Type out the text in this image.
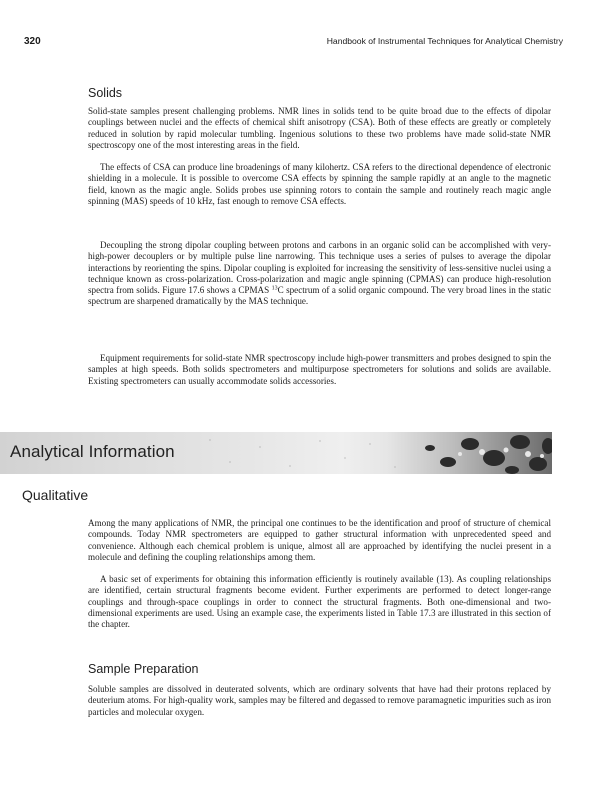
320	Handbook of Instrumental Techniques for Analytical Chemistry
Solids

Solid-state samples present challenging problems. NMR lines in solids tend to be quite broad due to the effects of dipolar couplings between nuclei and the effects of chemical shift anisotropy (CSA). Both of these effects are greatly or completely reduced in solution by rapid molecular tumbling. Ingenious solutions to these two problems have made solid-state NMR spectroscopy one of the most interesting areas in the field.

The effects of CSA can produce line broadenings of many kilohertz. CSA refers to the directional dependence of electronic shielding in a molecule. It is possible to overcome CSA effects by spinning the sample rapidly at an angle to the magnetic field, known as the magic angle. Solids probes use spinning rotors to contain the sample and routinely reach magic angle spinning (MAS) speeds of 10 kHz, fast enough to remove CSA effects.

Decoupling the strong dipolar coupling between protons and carbons in an organic solid can be accomplished with very-high-power decouplers or by multiple pulse line narrowing. This technique uses a series of pulses to average the dipolar interactions by reorienting the spins. Dipolar coupling is exploited for increasing the sensitivity of less-sensitive nuclei using a technique known as cross-polarization. Cross-polarization and magic angle spinning (CPMAS) can produce high-resolution spectra from solids. Figure 17.6 shows a CPMAS $^{13}$C spectrum of a solid organic compound. The very broad lines in the static spectrum are sharpened dramatically by the MAS technique.

Equipment requirements for solid-state NMR spectroscopy include high-power transmitters and probes designed to spin the samples at high speeds. Both solids spectrometers and multipurpose spectrometers for solutions and solids are available. Existing spectrometers can usually accommodate solids accessories.

Analytical Information
Qualitative

Among the many applications of NMR, the principal one continues to be the identification and proof of structure of chemical compounds. Today NMR spectrometers are equipped to gather structural information with unprecedented speed and convenience. Although each chemical problem is unique, almost all are approached by identifying the nuclei present in a molecule and defining the coupling relationships among them.

A basic set of experiments for obtaining this information efficiently is routinely available (13). As coupling relationships are identified, certain structural fragments become evident. Further experiments are performed to detect longer-range couplings and through-space couplings in order to connect the structural fragments. Both one-dimensional and two-dimensional experiments are used. Using an example case, the experiments listed in Table 17.3 are illustrated in this section of the chapter.

Sample Preparation

Soluble samples are dissolved in deuterated solvents, which are ordinary solvents that have had their protons replaced by deuterium atoms. For high-quality work, samples may be filtered and degassed to remove paramagnetic impurities such as iron particles and molecular oxygen.
